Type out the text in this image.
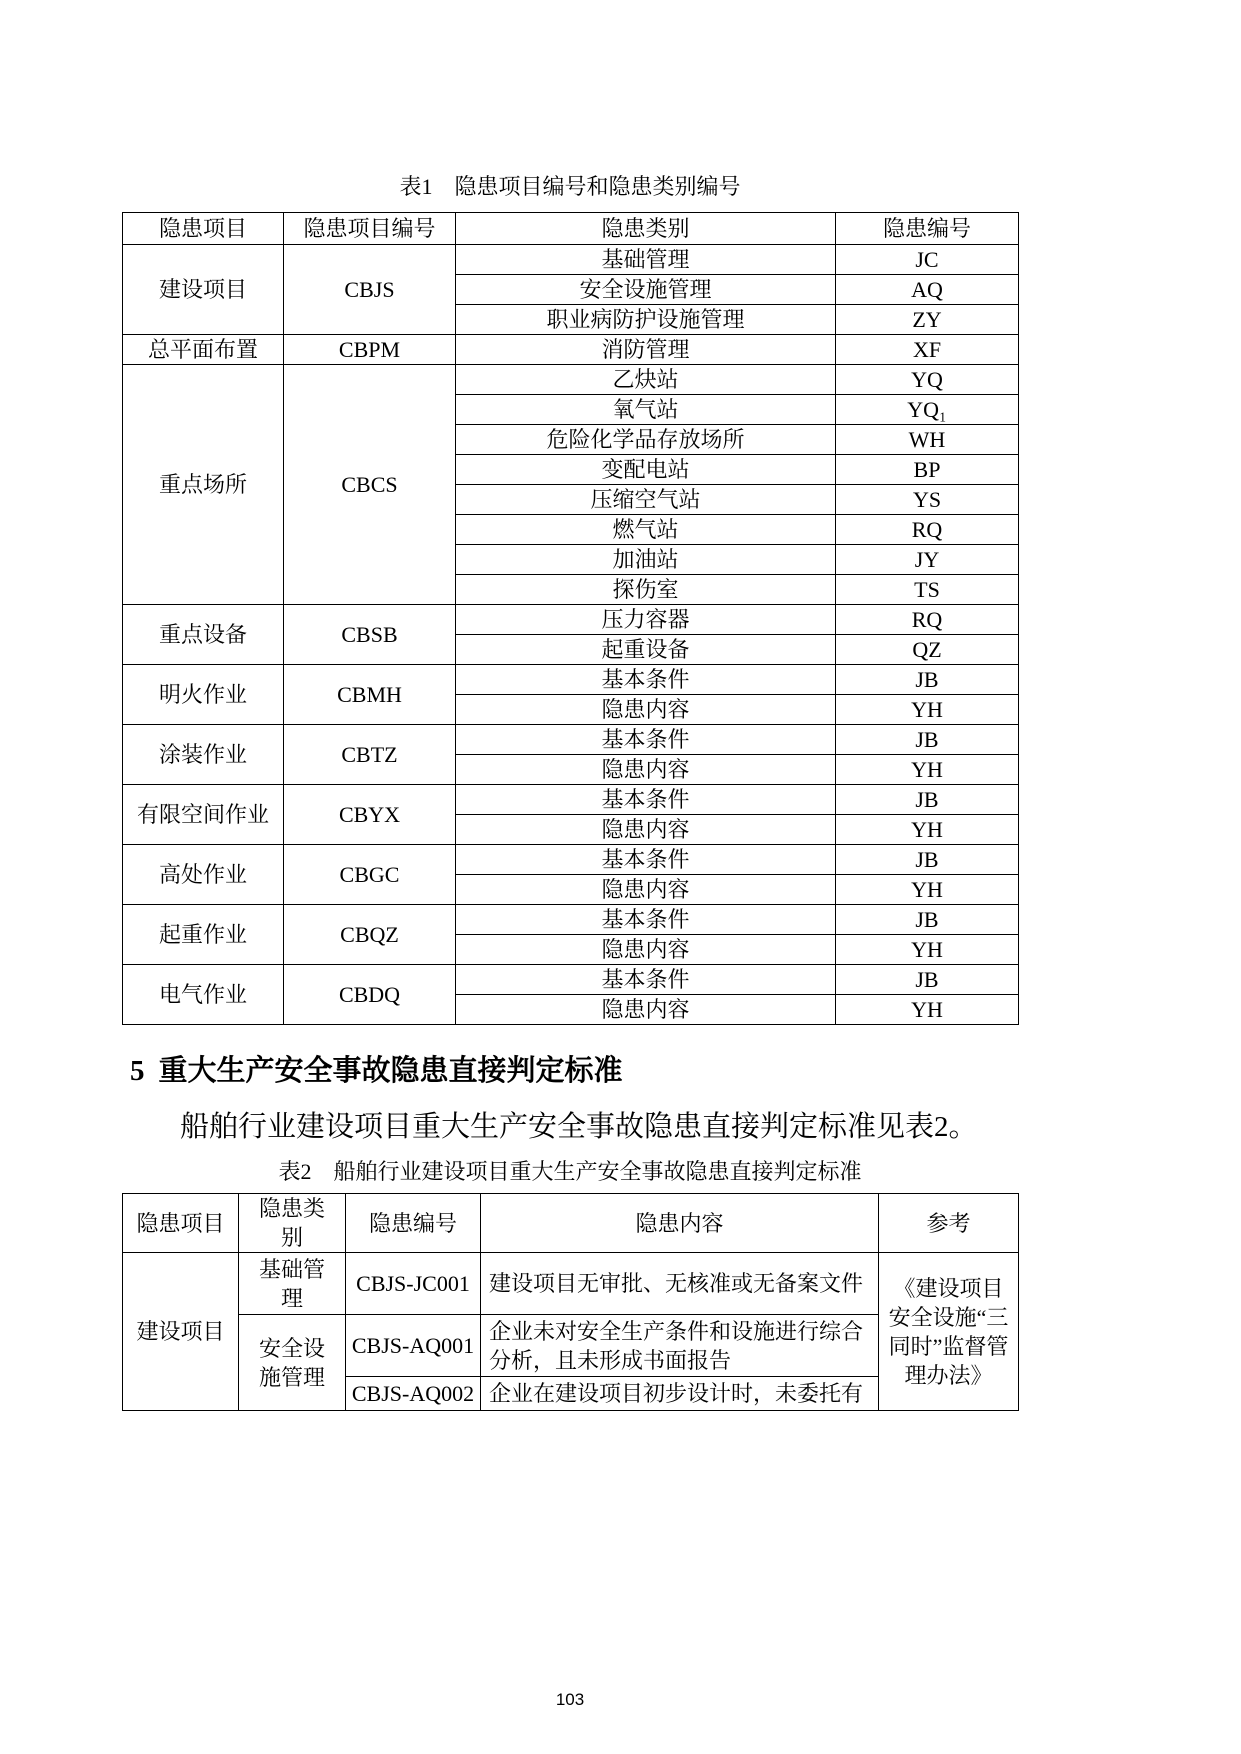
表1　隐患项目编号和隐患类别编号
隐患项目	隐患项目编号	隐患类别	隐患编号
建设项目	CBJS	基础管理	JC
		安全设施管理	AQ
		职业病防护设施管理	ZY
总平面布置	CBPM	消防管理	XF
重点场所	CBCS	乙炔站	YQ
		氧气站	YQ₁
		危险化学品存放场所	WH
		变配电站	BP
		压缩空气站	YS
		燃气站	RQ
		加油站	JY
		探伤室	TS
重点设备	CBSB	压力容器	RQ
		起重设备	QZ
明火作业	CBMH	基本条件	JB
		隐患内容	YH
涂装作业	CBTZ	基本条件	JB
		隐患内容	YH
有限空间作业	CBYX	基本条件	JB
		隐患内容	YH
高处作业	CBGC	基本条件	JB
		隐患内容	YH
起重作业	CBQZ	基本条件	JB
		隐患内容	YH
电气作业	CBDQ	基本条件	JB
		隐患内容	YH
5 重大生产安全事故隐患直接判定标准

船舶行业建设项目重大生产安全事故隐患直接判定标准见表2。

表2　船舶行业建设项目重大生产安全事故隐患直接判定标准
隐患项目	隐患类别	隐患编号	隐患内容	参考
建设项目	基础管理	CBJS-JC001	建设项目无审批、无核准或无备案文件	《建设项目安全设施“三同时”监督管理办法》
	安全设施管理	CBJS-AQ001	企业未对安全生产条件和设施进行综合分析，且未形成书面报告	
		CBJS-AQ002	企业在建设项目初步设计时，未委托有	
103
